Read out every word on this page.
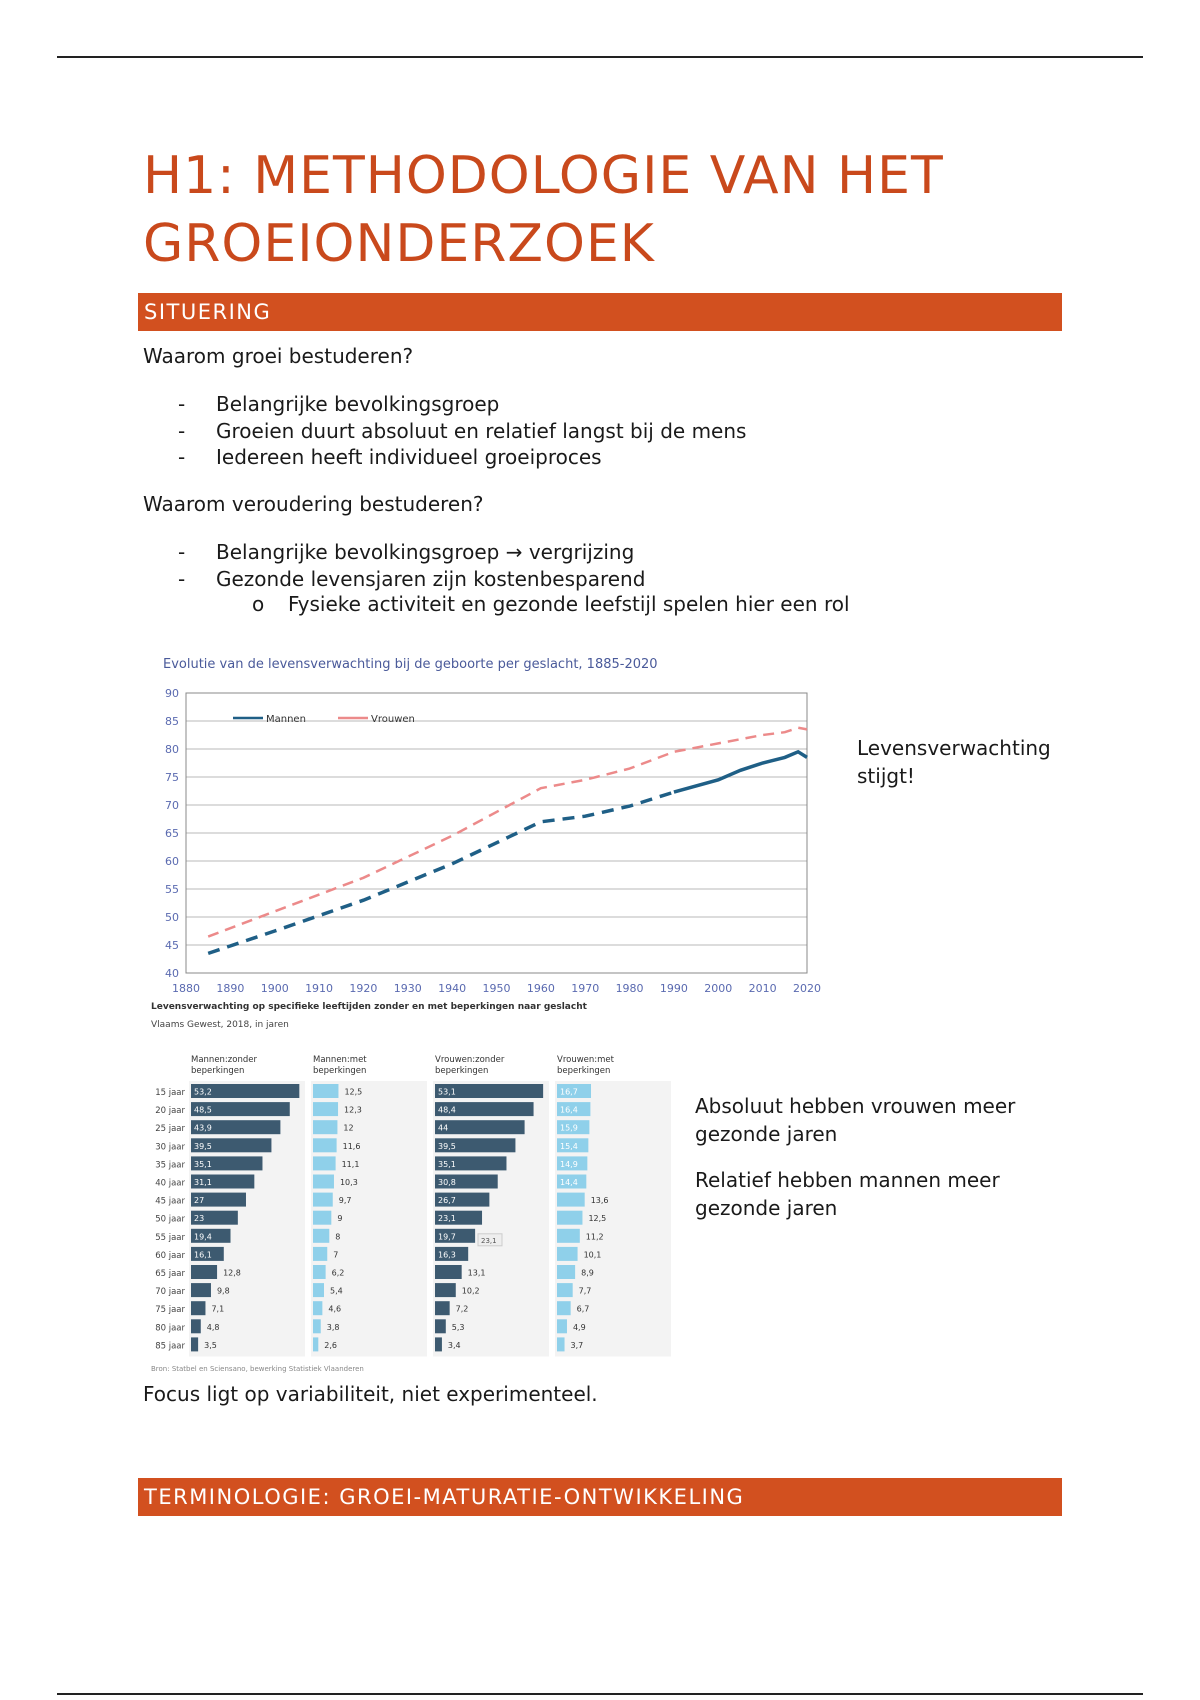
H1: METHODOLOGIE VAN HET GROEIONDERZOEK
SITUERING
Waarom groei bestuderen?
- Belangrijke bevolkingsgroep
- Groeien duurt absoluut en relatief langst bij de mens
- Iedereen heeft individueel groeiproces
Waarom veroudering bestuderen?
- Belangrijke bevolkingsgroep → vergrijzing
- Gezonde levensjaren zijn kostenbesparend
o Fysieke activiteit en gezonde leefstijl spelen hier een rol
Evolutie van de levensverwachting bij de geboorte per geslacht, 1885-2020
40
45
50
55
60
65
70
75
80
85
90
1880 1890 1900 1910 1920 1930 1940 1950 1960 1970 1980 1990 2000 2010 2020
Mannen	Vrouwen
Levensverwachting stijgt!
Levensverwachting op specifieke leeftijden zonder en met beperkingen naar geslacht
Vlaams Gewest, 2018, in jaren
Mannen:zonder
beperkingen
Mannen:met
beperkingen
Vrouwen:zonder
beperkingen
Vrouwen:met
beperkingen
15 jaar 53,2	12,5	53,1	16,7
20 jaar 48,5	12,3	48,4	16,4
25 jaar 43,9	12	44	15,9
30 jaar 39,5	11,6	39,5	15,4
35 jaar 35,1	11,1	35,1	14,9
40 jaar 31,1	10,3	30,8	14,4
45 jaar 27	9,7	26,7	13,6
50 jaar 23	9	23,1	12,5
55 jaar 19,4	8	19,7	11,2
60 jaar 16,1	7	16,3	10,1
65 jaar	12,8	6,2	13,1	8,9
70 jaar	9,8	5,4	10,2	7,7
75 jaar	7,1	4,6	7,2	6,7
80 jaar	4,8	3,8	5,3	4,9
85 jaar 3,5	2,6	3,4	3,7
23,1
Bron: Statbel en Sciensano, bewerking Statistiek Vlaanderen
Absoluut hebben vrouwen meer gezonde jaren
Relatief hebben mannen meer gezonde jaren
Focus ligt op variabiliteit, niet experimenteel.
TERMINOLOGIE: GROEI-MATURATIE-ONTWIKKELING
